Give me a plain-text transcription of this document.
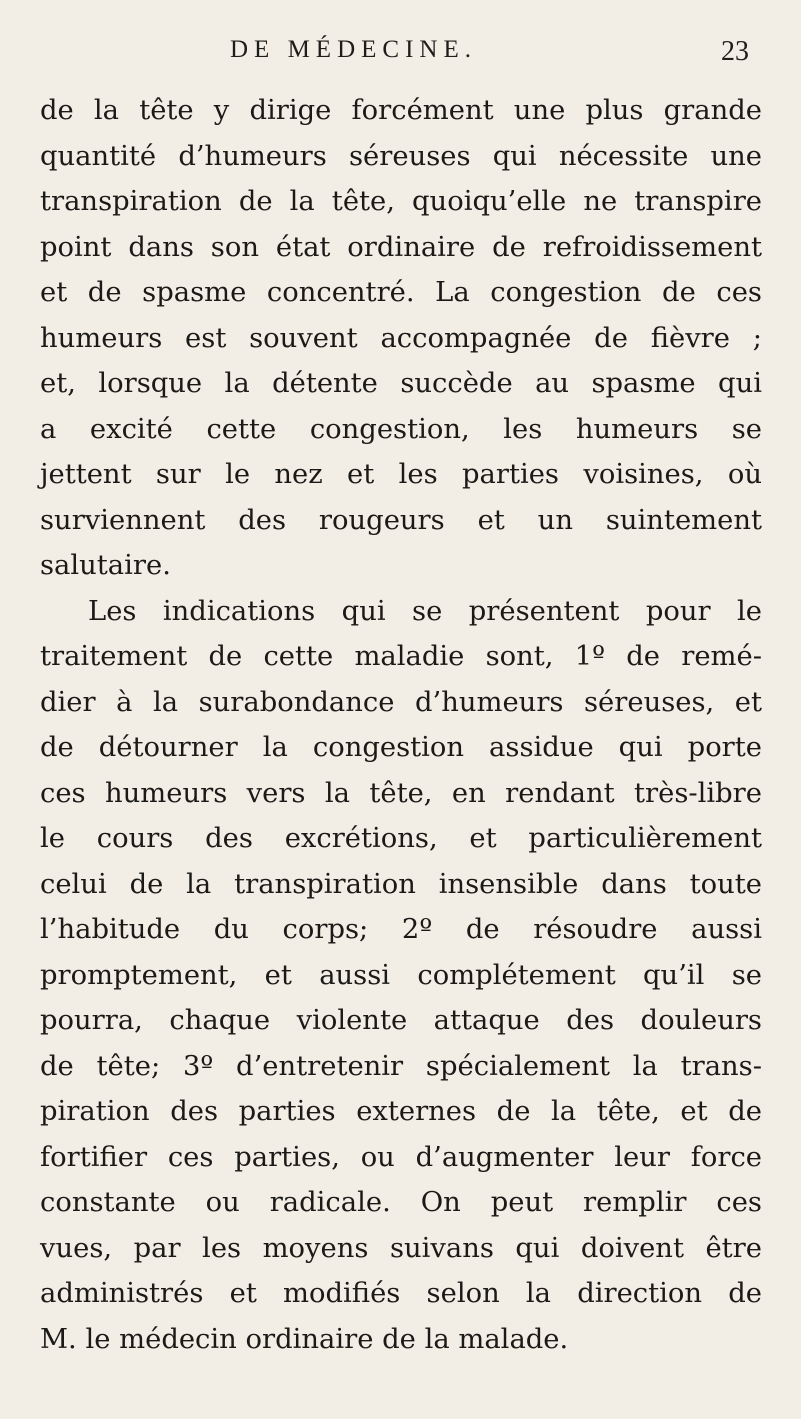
DE MÉDECINE.	23
de la tête y dirige forcément une plus grande
quantité d’humeurs séreuses qui nécessite une
transpiration de la tête, quoiqu’elle ne transpire
point dans son état ordinaire de refroidissement
et de spasme concentré. La congestion de ces
humeurs est souvent accompagnée de fièvre ;
et, lorsque la détente succède au spasme qui
a excité cette congestion, les humeurs se
jettent sur le nez et les parties voisines, où
surviennent des rougeurs et un suintement
salutaire.
Les indications qui se présentent pour le
traitement de cette maladie sont, 1º de remé-
dier à la surabondance d’humeurs séreuses, et
de détourner la congestion assidue qui porte
ces humeurs vers la tête, en rendant très-libre
le cours des excrétions, et particulièrement
celui de la transpiration insensible dans toute
l’habitude du corps; 2º de résoudre aussi
promptement, et aussi complétement qu’il se
pourra, chaque violente attaque des douleurs
de tête; 3º d’entretenir spécialement la trans-
piration des parties externes de la tête, et de
fortifier ces parties, ou d’augmenter leur force
constante ou radicale. On peut remplir ces
vues, par les moyens suivans qui doivent être
administrés et modifiés selon la direction de
M. le médecin ordinaire de la malade.
